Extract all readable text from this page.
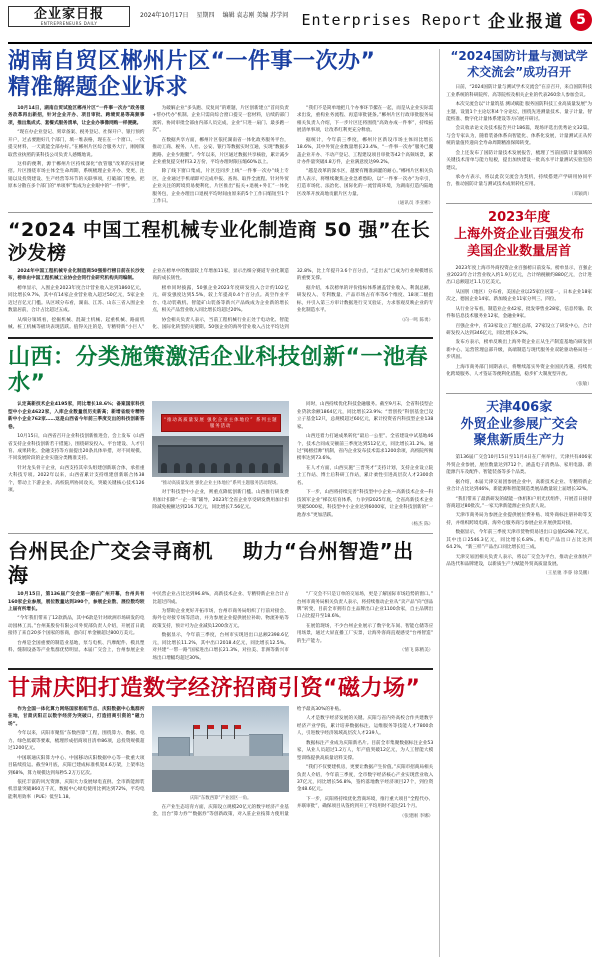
企业家日报
ENTREPRENEURS DAILY
2024年10月17日 星期四 编辑 袁志刚 美编 苏学问 Enterprises Report 企业报道 5
湖南自贸区郴州片区“一件事一次办”
精准解题企业诉求

10月14日，湖南自贸试验区郴州片区“一件事一次办”政务服务改革再出新招，针对企业开办、项目审批、跨境贸易等高频事项，推出集成式、套餐式服务清单，让企业办事像网购一样便捷。

“现在办企业登记、刻章备案、税务登记、社保开户、银行预约开户，过去要跑好几个部门，填一堆表格，现在在一个窗口、一次提交材料，一天就能全部办好。”在郴州片区综合服务大厅，刚刚领取营业执照的某科技公司负责人感慨地说。

这样的便利，源于郴州片区持续深化“放管服”改革的实招硬招。片区围绕市场主体全生命周期，系统梳理企业开办、变更、注销以及投资建设、生产经营等环节的关联事项，打破部门壁垒，把原本分散在多个部门的“单项事”集成为企业眼中的“一件事”。

为破解企业“多头跑、反复问”的难题，片区创新建立“首问负责+帮办代办”机制。企业只需向综合窗口提交一套材料，后续的部门流转、协同审批全部由内部人员完成，企业“只进一扇门、最多跑一次”。

在数据共享方面，郴州片区依托湖南省一体化政务服务平台，推动工商、税务、人社、公安、银行等数据实时互通，实现“数据多跑路、企业少跑腿”。今年以来，片区通过数据共享核验，累计减少企业重复提交材料3.2万份，平均办理时限压缩60%以上。

除了线下窗口集成，片区还同步上线“一件事一次办”线上专区，企业通过手机端即可完成申报、查询、取件全流程。针对外贸企业关注的跨境贸易便利化，片区推出“报关+退税+外汇”一体化服务包，企业办理出口退税平均时间由原来的5个工作日缩短至1个工作日。

“我们不是简单地把几个办事环节摞在一起，而是从企业实际需求出发，重构业务流程、再造审批链条。”郴州片区行政审批服务局相关负责人介绍，下一步片区还将围绕“高效办成一件事”，持续拓展清单事项，让改革红利更充分释放。

据统计，今年前三季度，郴州片区新设市场主体同比增长18.6%，其中外贸企业数量增长23.4%，“一件事一次办”服务已覆盖企业开办、不动产登记、工程建设项目审批等42个高频场景，累计办件量突破4.8万件，企业满意度达99.2%。

“越是改革的深水区，越要有精准滴灌的耐心。”郴州片区相关负责人表示，将继续聚焦企业急难愁盼，以“一件事一次办”为牵引，打造市场化、法治化、国际化的一流营商环境，为湖南打造内陆地区改革开放高地贡献片区力量。

（通讯员 李亚彬）
“2024 中国工程机械专业化制造商 50 强”在长沙发榜

2024年中国工程机械专业化制造商50强排行榜日前在长沙发布，榜单由中国工程机械工业协会会同行业研究机构共同编制。

榜单显示，入围企业2023年度合计营业收入达到1860亿元，同比增长9.7%，其中有14家企业营业收入超过50亿元，5家企业迈过百亿元门槛。从区域分布看，湖南、江苏、山东三省入围企业数量居前，合计占比超过五成。

从细分领域看，挖掘机械、混凝土机械、起重机械、路面机械、桩工机械等板块表现活跃。值得关注的是，专精特新“小巨人”企业在榜单中的数量较上年增加11家，显示出细分赛道专业化制造商的成长韧性。

榜单同时披露，50强企业2023年度研发投入合计约102亿元，研发强度达到5.5%，较上年提高0.4个百分点。高空作业平台、电动装载机、智能矿山装备等新兴产品线成为企业新的增长点，相关产品营业收入同比增长均超过20%。

协会相关负责人表示，当前工程机械行业正处于电动化、智能化、国际化转型的关键期。50强企业的海外营业收入占比平均达到32.8%，比上年提升3.6个百分点，“走出去”已成为行业规模增长的重要支撑。

据介绍，本次榜单的评价指标体系涵盖营业收入、利润总额、研发投入、专利数量、产品市场占有率等6个维度、18项二级指标，并引入第三方审计数据进行交叉验证，力求客观反映企业的专业化制造水平。

（向一鸣 陈勇）
山西：分类施策激活企业科技创新“一池春水”

认定高新技术企业4195家，同比增长18.6%；备案国家科技型中小企业4622家，入库企业数量创历史新高；新增省级专精特新中小企业762家……这是山西省今年前三季度交出的科技创新答卷。

10月15日，山西省召开企业科技创新推进会，会上发布《山西省支持企业科技创新若干措施》，围绕研发投入、平台建设、人才引育、成果转化、金融支持等方面提出20条具体举措，对不同规模、不同发展阶段的企业实施分类精准支持。

针对龙头骨干企业，山西支持其牵头组建创新联合体，承担重大科技专项。2022年以来，山西省累计支持组建创新联合体38个，带动上下游企业、高校院所协同攻关，突破关键核心技术126项。

“推动高质量发展 强化企业主体地位” 系列主题服务活动
“推动高质量发展 强化企业主体地位”系列主题服务活动现场。

对于科技型中小企业，则重点降低创新门槛。山西推行研发费用加计扣除“一企一策”辅导，2023年全省企业享受研发费用加计扣除减免税额达到216.7亿元，同比增长7.56亿元。

同时，山西持续优化科技金融服务。截至9月末，全省科技型企业贷款余额1864亿元，同比增长23.9%；“晋创投”科创基金已设立子基金12只，总规模超过60亿元，累计投资省内科技型企业138家。

山西还着力打通成果转化“最后一公里”。全省建设中试基地46个，技术合同成交额前三季度达到512亿元，同比增长31.2%。通过“揭榜挂帅”机制，省内企业发布技术需求1200余项，高校院所揭榜率达到73.6%。

在人才方面，山西实施“三晋英才”支持计划，支持企业设立院士工作站、博士后科研工作站，累计柔性引进高层次人才2300余名。

下一步，山西将持续完善“科技型中小企业—高新技术企业—科技领军企业”梯次培育体系，力争到2025年底，全省高新技术企业突破5000家，科技型中小企业达到6000家，让企业科技创新的“一池春水”更加活跃。

（杨杰 陈）
台州民企广交会寻商机 助力“台州智造”出海

10月15日，第136届广交会第一期在广州开幕，台州共有160家企业参展，展位数量达到390个，参展企业数、展位数均较上届有所增长。

“今年我们带来了12款新品，其中6款是针对欧洲市场研发的电动园林工具。”台州某股份有限公司外贸部负责人介绍，开展首日就接待了来自20多个国家的客商，意向订单金额超过800万美元。

台州是全国重要的制造业基地，泵与电机、汽摩配件、模具塑料、缝制设备等产业集群优势明显。本届广交会上，台州参展企业中民营企业占比达到96.8%，高新技术企业、专精特新企业合计占比超过四成。

为帮助企业更好开拓市场，台州市商务局组织了行前对接会、海外仓对接专场等活动，并为参展企业提供展位补助、物流补贴等政策支持，预计可为企业减负1200余万元。

数据显示，今年前三季度，台州市实现进出口总额2398.6亿元，同比增长11.2%，其中出口2018.4亿元，同比增长12.5%。对共建“一带一路”国家进出口增长21.3%，对拉美、非洲等新兴市场出口增幅均超过30%。

“广交会不只是订单的交易场，更是了解国际市场趋势的窗口。”台州市商务局相关负责人表示，将持续推动企业从“卖产品”向“创品牌”转变，目前全市拥有自主品牌出口企业1100余家，自主品牌出口占比提升至18.6%。

在展馆现场，不少台州企业展示了数字化车间、智能仓储等应用场景，通过大屏直播工厂实景，让海外客商直观感受“台州智造”的生产能力。

（情飞 陈精美）
甘肃庆阳打造数字经济招商引资“磁力场”

作为全国一体化算力网络国家枢纽节点、庆阳数据中心集群所在地，甘肃庆阳正以数字经济为突破口，打造招商引资的“磁力场”。

今年以来，庆阳市聚焦“东数西算”工程，围绕算力、数据、电力、绿色低碳等要素，梳理形成招商项目清单86项，总投资规模超过1200亿元。

中国联通庆阳算力中心、中国移动庆阳数据中心等一批重大项目陆续投运。截至9月底，庆阳已建成标准机架4.6万架，上架率达到68%，算力规模达到每秒5.2万万亿次。

依托丰富的风光资源，庆阳大力发展绿电直供。全市新能源装机容量突破860万千瓦，数据中心绿电使用比例达到72%，平均电能利用效率（PUE）低至1.18。	庆阳“东数西算”产业园区一角。

在产业生态培育方面，庆阳设立规模20亿元的数字经济产业基金，出台“算力券”“数据券”等创新政策，对入驻企业按算力使用量给予最高30%的补贴。

人才是数字经济发展的关键。庆阳与省内外高校合作共建数字经济产业学院，累计培养数据标注、运维服务等技能人才7800余人，引进数字经济领域高层次人才239人。

数据标注产业成为庆阳新名片。目前全市集聚数据标注企业53家，从业人员超过1.2万人，年产值突破12亿元，为人工智能大模型训练提供高质量语料支撑。

“我们不仅要建机房，更要让数据产生价值。”庆阳市招商局相关负责人介绍，今年前三季度，全市数字经济核心产业实现营业收入37亿元，同比增长56.8%，签约落地数字经济项目27个，到位资金48.6亿元。

下一步，庆阳将持续优化营商环境，推行重大项目“全程代办、并联审批”，确保项目从签约到开工平均用时不超过21个月。

（张建刚 李娜）
“2024国防计量与测试学术交流会”成功召开

日前，“2024国防计量与测试学术交流会”在京召开，来自国防科技工业系统的科研院所、高等院校及相关企业的代表260余人参加会议。

本次交流会以“计量筑基 测试赋能 服务国防科技工业高质量发展”为主题，设置1个主论坛和4个分论坛，围绕先进测量技术、量子计量、智能校准、数字化计量体系建设等方向展开研讨。

会议收录论文及技术报告共计186篇，现场评选出优秀论文32篇。与会专家认为，随着装备体系向智能化、体系化发展，计量测试正从传统的量值传递向全寿命周期精准保障转变。

会上还发布了国防计量技术发展报告，梳理了当前国防计量领域的关键技术清单与能力短板，提出加快建设一批高水平计量测试实验室的建议。

承办方表示，将以此次交流会为契机，持续搭建产学研用协同平台，推动国防计量与测试技术成果转化应用。

（邓颖禹）
2023年度
上海外资企业百强发布
美国企业数量居首

2023年度上海市外商投资企业百强榜日前发布。榜单显示，百强企业2023年合计营业收入约1.9万亿元，合计纳税额约880亿元，合计进出口总额超过1.1万亿美元。

从国别（地区）分布看，美国企业以25家位居第一，日本企业18家次之，德国企业14家、新加坡企业11家分列三、四位。

从行业分布看，制造业企业42家，批发零售业28家，信息传输、软件和信息技术服务业12家，金融业9家。

百强企业中，有33家设立了地区总部，27家设立了研发中心，合计研发投入达到346亿元，同比增长9.2%。

发布方表示，榜单反映出上海外资企业正从生产制造基地向研发创新中心、运营管理总部升级，高端制造与现代服务业双轮驱动格局进一步巩固。

上海市商务部门同期表示，将继续落实外资企业国民待遇，持续优化跨境服务、人才签证等便利化措施，稳步扩大制度型开放。

（张敏）
天津406家
外贸企业参展广交会
聚焦新质生产力

第136届广交会10月15日至11月4日在广州举行，天津共有406家外贸企业参展，展位数量达到712个，涵盖电子消费品、家用电器、新能源汽车及配件、智能装备等多个品类。

据介绍，本届天津交易团参展企业中，高新技术企业、专精特新企业合计占比达到46%，新能源和智能制造类展品数量较上届增长32%。

“我们带来了最新研发的储能一体机和户用光伏组件，开展首日接待客商超过80批次。”一家天津新能源企业负责人说。

天津市商务局为参展企业提供展位费补贴、境外商标注册补助等支持，并组织跨境电商、海外仓服务商与参展企业开展供需对接。

数据显示，今年前三季度天津市货物贸易进出口总值6298.7亿元，其中出口2546.3亿元，同比增长6.8%。机电产品出口占比达到64.2%，“新三样”产品出口同比增长近三成。

天津交易团相关负责人表示，将以广交会为平台，推动企业加快产品迭代和品牌建设，以新质生产力赋能外贸高质量发展。

（王星驰 李睿 徐昊鹏）
